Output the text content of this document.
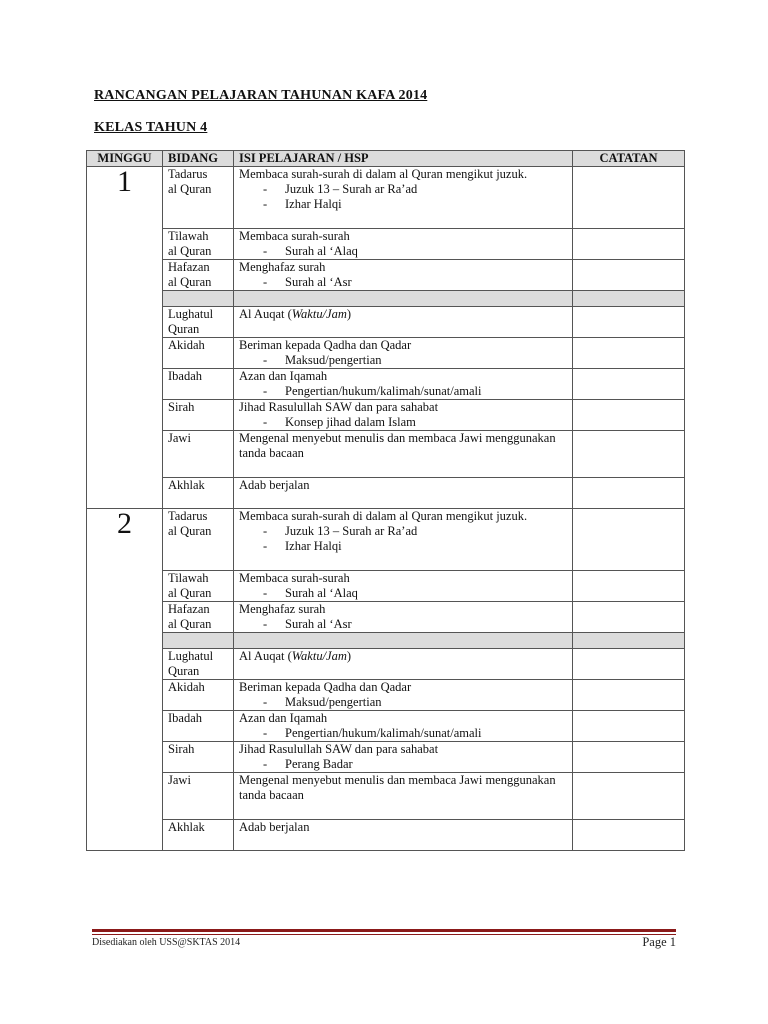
RANCANGAN PELAJARAN TAHUNAN KAFA 2014
KELAS TAHUN 4
MINGGU	BIDANG	ISI PELAJARAN / HSP	CATATAN
1	Tadarus
al Quran	Membaca surah-surah di dalam al Quran mengikut juzuk.
- Juzuk 13 – Surah ar Ra’ad
- Izhar Halqi	

	Tilawah
al Quran	Membaca surah-surah
- Surah al ‘Alaq	

	Hafazan
al Quran	Menghafaz surah
- Surah al ‘Asr	

	Lughatul
Quran	Al Auqat (Waktu/Jam)	

	Akidah	Beriman kepada Qadha dan Qadar
- Maksud/pengertian	

	Ibadah	Azan dan Iqamah
- Pengertian/hukum/kalimah/sunat/amali	

	Sirah	Jihad Rasulullah SAW dan para sahabat
- Konsep jihad dalam Islam	

	Jawi	Mengenal menyebut menulis dan membaca Jawi menggunakan tanda bacaan	

	Akhlak	Adab berjalan	

2	Tadarus
al Quran	Membaca surah-surah di dalam al Quran mengikut juzuk.
- Juzuk 13 – Surah ar Ra’ad
- Izhar Halqi	

	Tilawah
al Quran	Membaca surah-surah
- Surah al ‘Alaq	

	Hafazan
al Quran	Menghafaz surah
- Surah al ‘Asr	

	Lughatul
Quran	Al Auqat (Waktu/Jam)	

	Akidah	Beriman kepada Qadha dan Qadar
- Maksud/pengertian	

	Ibadah	Azan dan Iqamah
- Pengertian/hukum/kalimah/sunat/amali	

	Sirah	Jihad Rasulullah SAW dan para sahabat
- Perang Badar	

	Jawi	Mengenal menyebut menulis dan membaca Jawi menggunakan tanda bacaan	

	Akhlak	Adab berjalan	

Disediakan oleh USS@SKTAS 2014	Page 1
